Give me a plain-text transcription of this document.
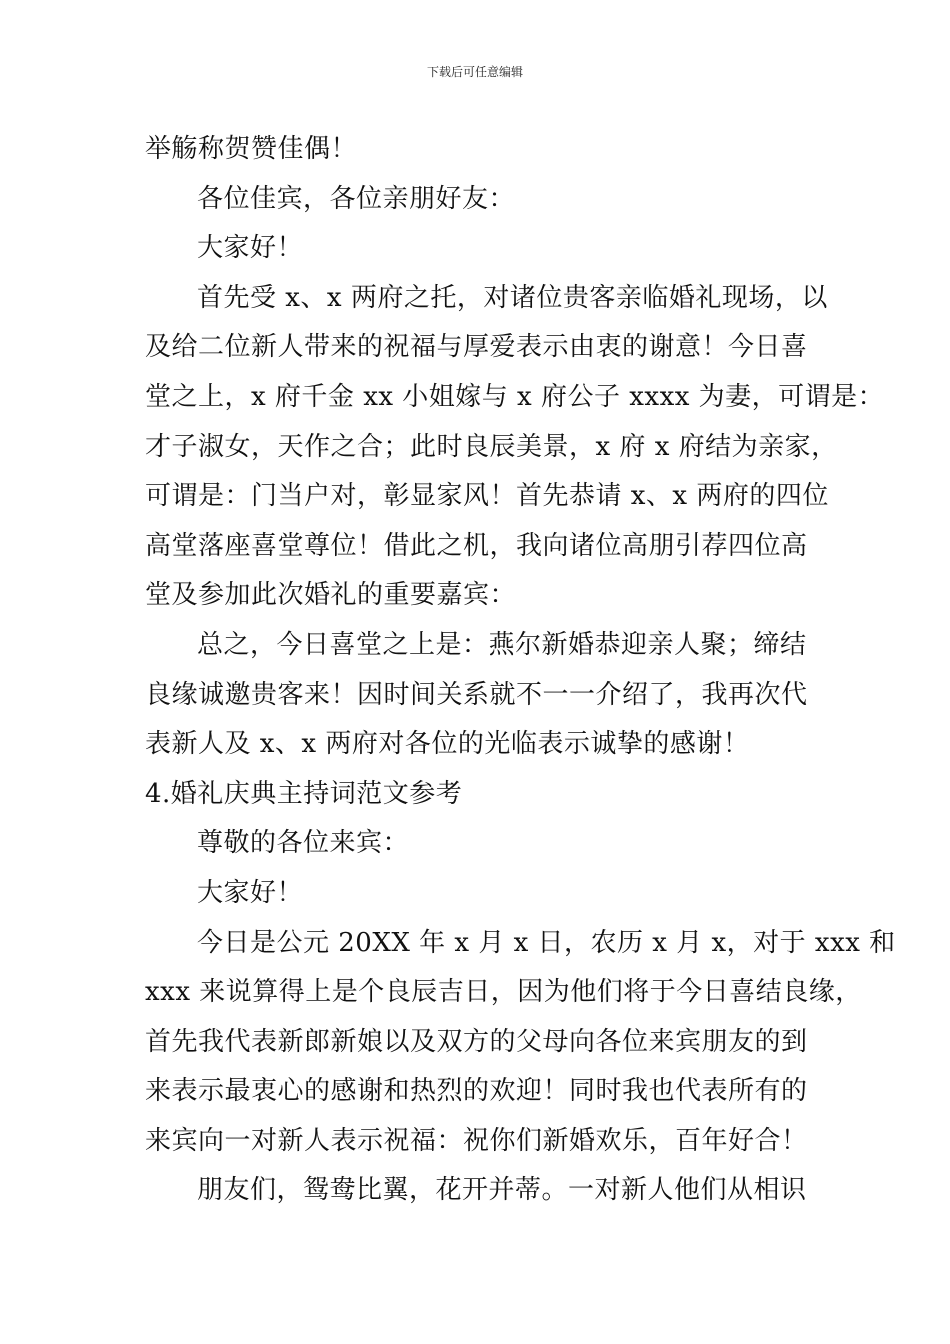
下载后可任意编辑
举觞称贺赞佳偶！
各位佳宾，各位亲朋好友：
大家好！
首先受 x、x 两府之托，对诸位贵客亲临婚礼现场，以
及给二位新人带来的祝福与厚爱表示由衷的谢意！今日喜
堂之上，x 府千金 xx 小姐嫁与 x 府公子 xxxx 为妻，可谓是：
才子淑女，天作之合；此时良辰美景，x 府 x 府结为亲家，
可谓是：门当户对，彰显家风！首先恭请 x、x 两府的四位
高堂落座喜堂尊位！借此之机，我向诸位高朋引荐四位高
堂及参加此次婚礼的重要嘉宾：
总之，今日喜堂之上是：燕尔新婚恭迎亲人聚；缔结
良缘诚邀贵客来！因时间关系就不一一介绍了，我再次代
表新人及 x、x 两府对各位的光临表示诚挚的感谢！
4.婚礼庆典主持词范文参考
尊敬的各位来宾：
大家好！
今日是公元 20XX 年 x 月 x 日，农历 x 月 x，对于 xxx 和
xxx 来说算得上是个良辰吉日，因为他们将于今日喜结良缘，
首先我代表新郎新娘以及双方的父母向各位来宾朋友的到
来表示最衷心的感谢和热烈的欢迎！同时我也代表所有的
来宾向一对新人表示祝福：祝你们新婚欢乐，百年好合！
朋友们，鸳鸯比翼，花开并蒂。一对新人他们从相识
